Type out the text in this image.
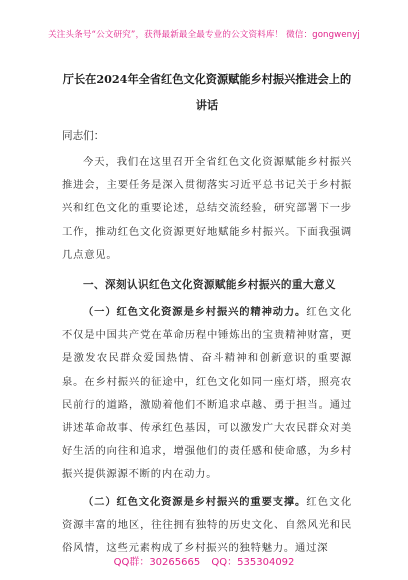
关注头条号“公文研究”，获得最新最全最专业的公文资料库！ 微信：gongwenyj

厅长在2024年全省红色文化资源赋能乡村振兴推进会上的
讲话

同志们：

今天，我们在这里召开全省红色文化资源赋能乡村振兴推进会，主要任务是深入贯彻落实习近平总书记关于乡村振兴和红色文化的重要论述，总结交流经验，研究部署下一步工作，推动红色文化资源更好地赋能乡村振兴。下面我强调几点意见。

一、深刻认识红色文化资源赋能乡村振兴的重大意义

（一）红色文化资源是乡村振兴的精神动力。红色文化不仅是中国共产党在革命历程中锤炼出的宝贵精神财富，更是激发农民群众爱国热情、奋斗精神和创新意识的重要源泉。在乡村振兴的征途中，红色文化如同一座灯塔，照亮农民前行的道路，激励着他们不断追求卓越、勇于担当。通过讲述革命故事、传承红色基因，可以激发广大农民群众对美好生活的向往和追求，增强他们的责任感和使命感，为乡村振兴提供源源不断的内在动力。

（二）红色文化资源是乡村振兴的重要支撑。红色文化资源丰富的地区，往往拥有独特的历史文化、自然风光和民俗风情，这些元素构成了乡村振兴的独特魅力。通过深

QQ群：30265665 QQ：535304092
